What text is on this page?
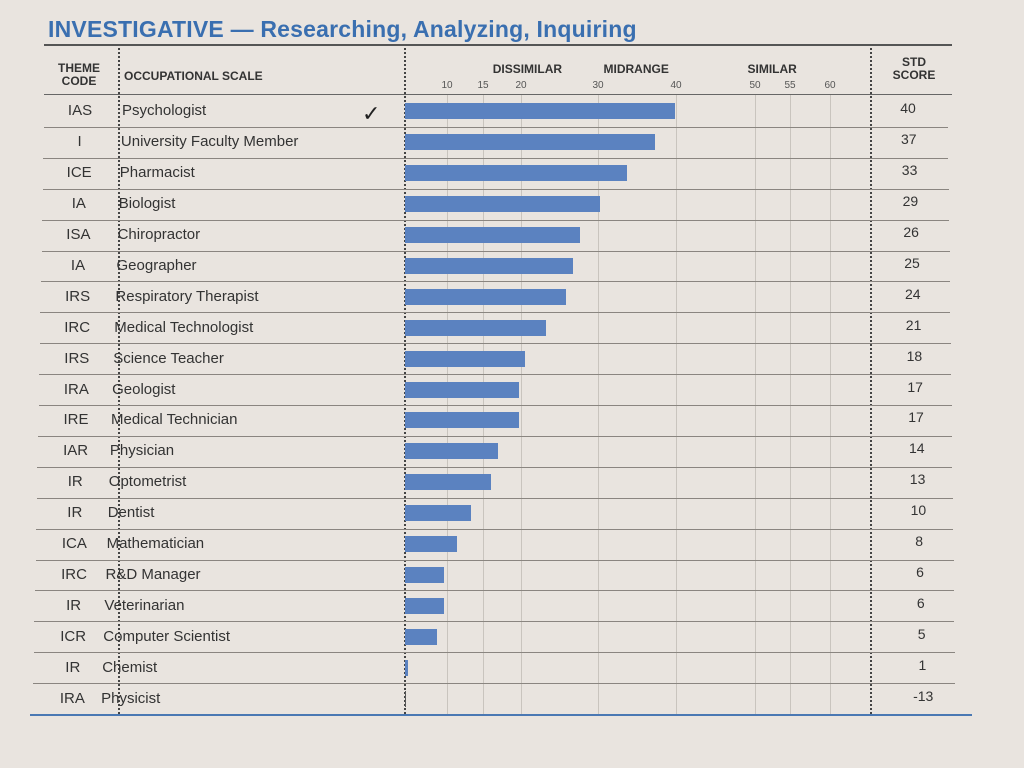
INVESTIGATIVE — Researching, Analyzing, Inquiring
THEME CODE	OCCUPATIONAL SCALE
STD SCORE
DISSIMILAR	MIDRANGE	SIMILAR
10 15	20	30	40	50 55	60
IAS	Psychologist	40
I	University Faculty Member	37
ICE	Pharmacist	33
IA	Biologist	29
ISA	Chiropractor	26
IA	Geographer	25
IRS	Respiratory Therapist	24
IRC	Medical Technologist	21
IRS	Science Teacher	18
IRA	Geologist	17
IRE	Medical Technician	17
IAR	Physician	14
IR	Optometrist	13
IR	Dentist	10
ICA	Mathematician	8
IRC	R&D Manager	6
IR	Veterinarian	6
ICR	Computer Scientist	5
IR	Chemist	1
IRA	Physicist	-13
✓
